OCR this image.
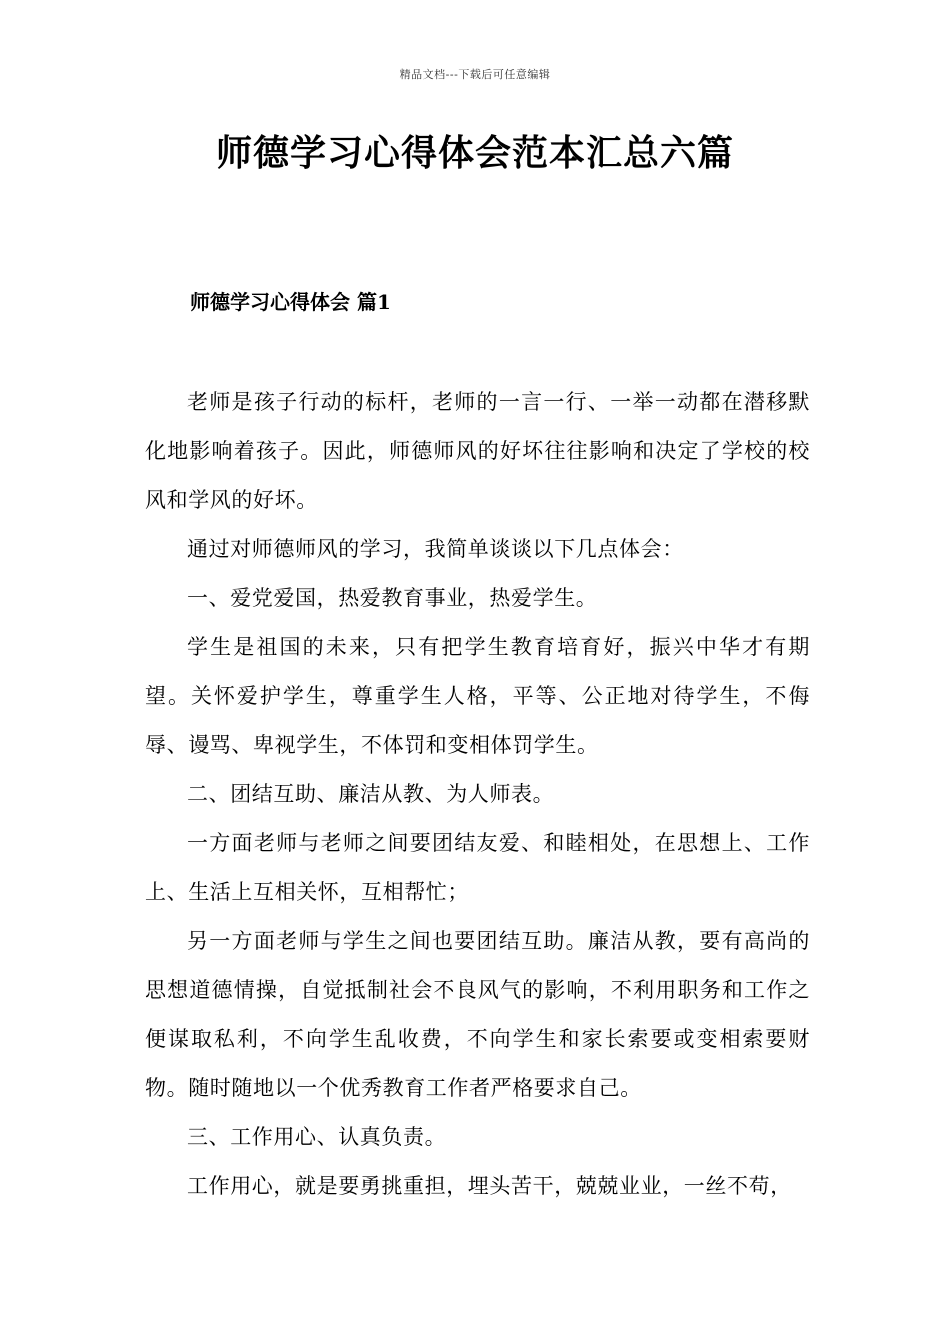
精品文档---下载后可任意编辑
师德学习心得体会范本汇总六篇
师德学习心得体会 篇1

老师是孩子行动的标杆，老师的一言一行、一举一动都在潜移默化地影响着孩子。因此，师德师风的好坏往往影响和决定了学校的校风和学风的好坏。

通过对师德师风的学习，我简单谈谈以下几点体会：

一、爱党爱国，热爱教育事业，热爱学生。

学生是祖国的未来，只有把学生教育培育好，振兴中华才有期望。关怀爱护学生，尊重学生人格，平等、公正地对待学生，不侮辱、谩骂、卑视学生，不体罚和变相体罚学生。

二、团结互助、廉洁从教、为人师表。

一方面老师与老师之间要团结友爱、和睦相处，在思想上、工作上、生活上互相关怀，互相帮忙；

另一方面老师与学生之间也要团结互助。廉洁从教，要有高尚的思想道德情操，自觉抵制社会不良风气的影响，不利用职务和工作之便谋取私利，不向学生乱收费，不向学生和家长索要或变相索要财物。随时随地以一个优秀教育工作者严格要求自己。

三、工作用心、认真负责。

工作用心，就是要勇挑重担，埋头苦干，兢兢业业，一丝不苟，
